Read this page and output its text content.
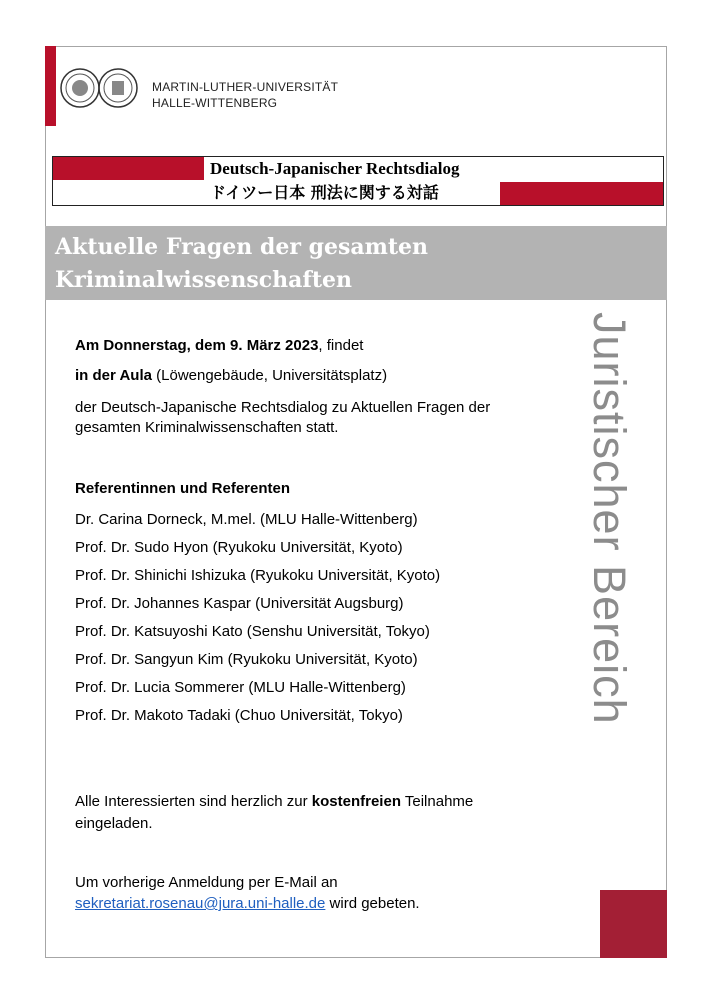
MARTIN-LUTHER-UNIVERSITÄT
HALLE-WITTENBERG
Deutsch-Japanischer Rechtsdialog
ドイツー日本 刑法に関する対話
Aktuelle Fragen der gesamten
Kriminalwissenschaften
Juristischer Bereich
Am Donnerstag, dem 9. März 2023, findet
in der Aula (Löwengebäude, Universitätsplatz)
der Deutsch-Japanische Rechtsdialog zu Aktuellen Fragen der
gesamten Kriminalwissenschaften statt.
Referentinnen und Referenten
Dr. Carina Dorneck, M.mel. (MLU Halle-Wittenberg)
Prof. Dr. Sudo Hyon (Ryukoku Universität, Kyoto)
Prof. Dr. Shinichi Ishizuka (Ryukoku Universität, Kyoto)
Prof. Dr. Johannes Kaspar (Universität Augsburg)
Prof. Dr. Katsuyoshi Kato (Senshu Universität, Tokyo)
Prof. Dr. Sangyun Kim (Ryukoku Universität, Kyoto)
Prof. Dr. Lucia Sommerer (MLU Halle-Wittenberg)
Prof. Dr. Makoto Tadaki (Chuo Universität, Tokyo)
Alle Interessierten sind herzlich zur kostenfreien Teilnahme
eingeladen.
Um vorherige Anmeldung per E-Mail an
sekretariat.rosenau@jura.uni-halle.de wird gebeten.
